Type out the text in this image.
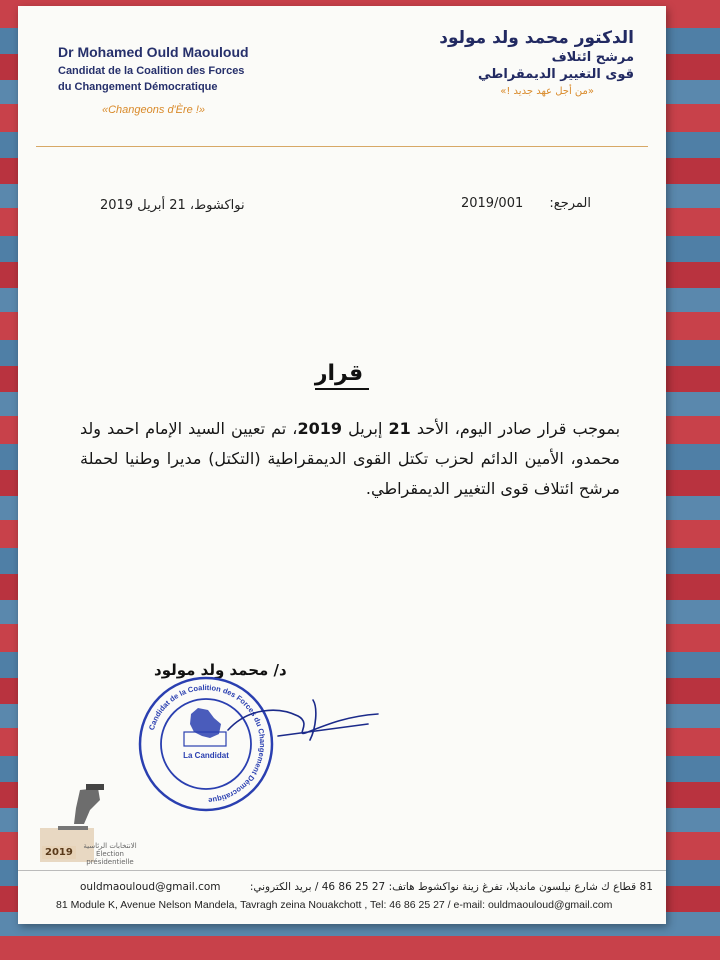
Dr Mohamed Ould Maouloud
Candidat de la Coalition des Forces
du Changement Démocratique
«Changeons d'Ère !»
الدكتور محمد ولد مولود
مرشح ائتلاف
قوى التغيير الديمقراطي
«من أجل عهد جديد !»
نواكشوط، 21 أبريل 2019	المرجع: 2019/001
قرار
بموجب قرار صادر اليوم، الأحد 21 إبريل 2019، تم تعيين السيد الإمام احمد ولد محمدو، الأمين الدائم لحزب تكتل القوى الديمقراطية (التكتل) مديرا وطنيا لحملة مرشح ائتلاف قوى التغيير الديمقراطي.
د/ محمد ولد مولود
La Candidat
Candidat de la Coalition des Forces du Changement Démocratique
2019
الانتخابات الرئاسية Élection présidentielle
ouldmaouloud@gmail.com	81 قطاع ك شارع نيلسون مانديلا، تفرغ زينة نواكشوط هاتف: 27 25 86 46 / بريد الكتروني:
81 Module K, Avenue Nelson Mandela, Tavragh zeina Nouakchott , Tel: 46 86 25 27 / e-mail: ouldmaouloud@gmail.com
